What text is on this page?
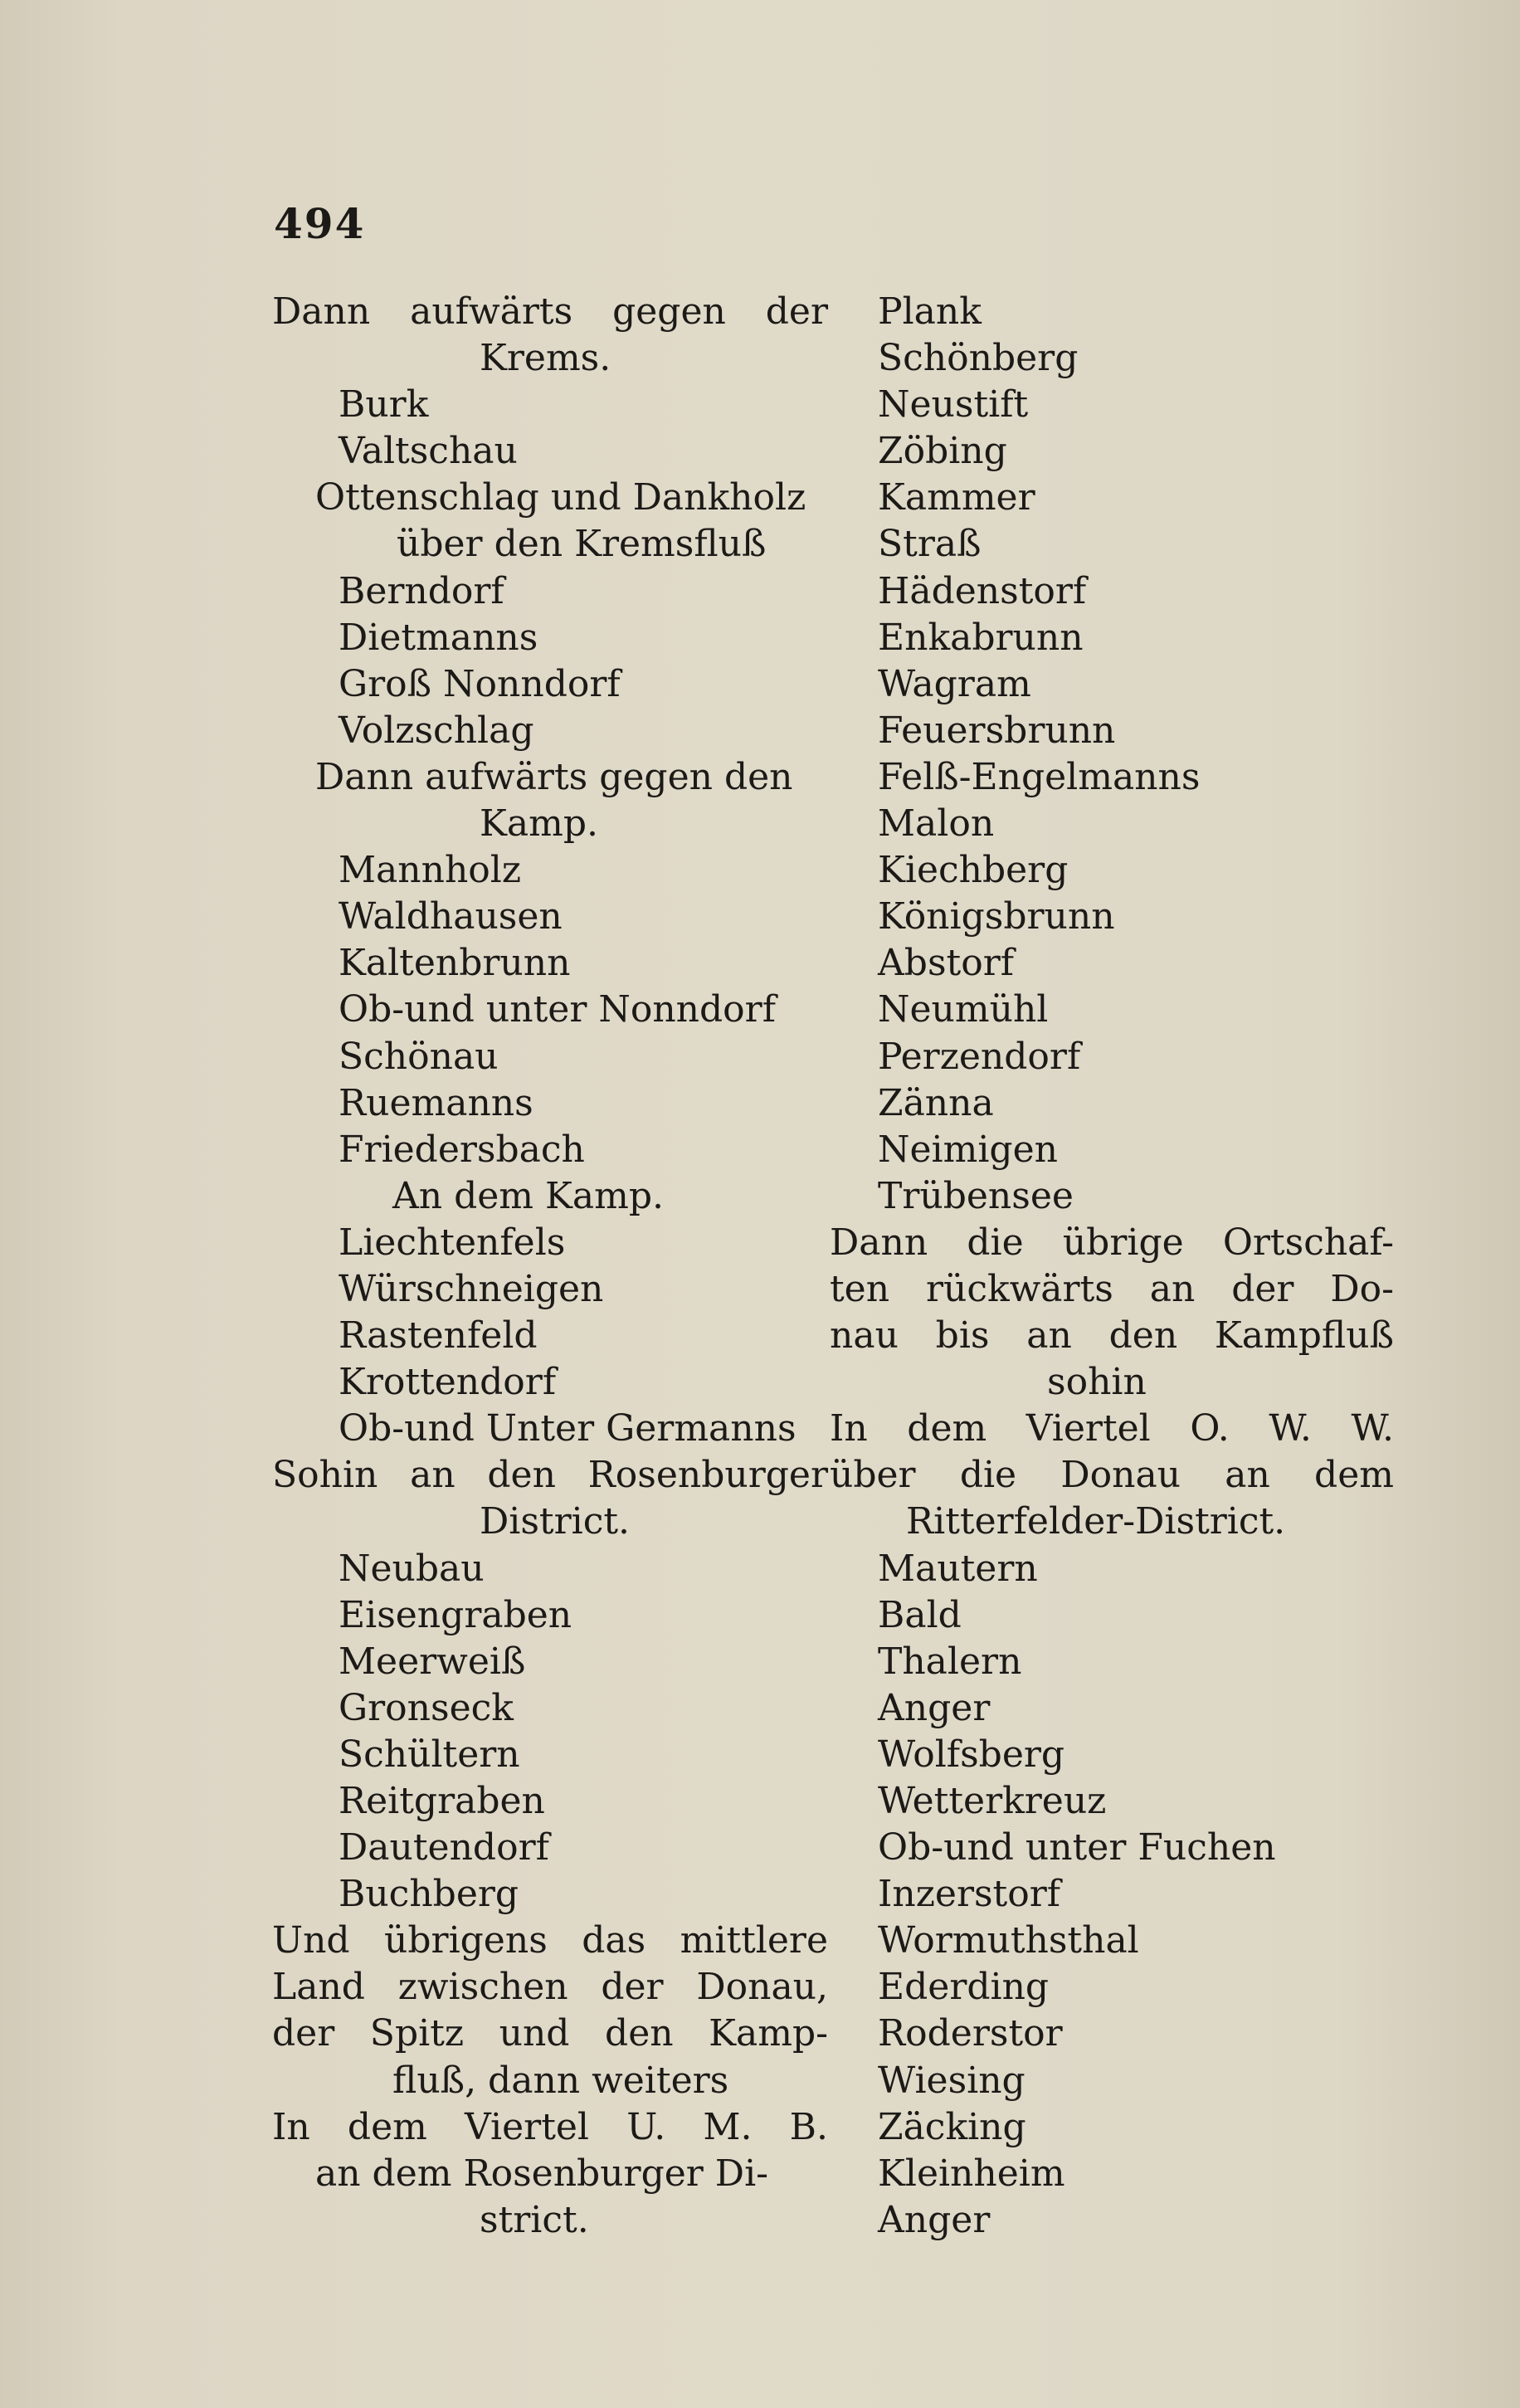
494
Dann aufwärts gegen der
Krems.
Burk
Valtschau
Ottenschlag und Dankholz
über den Kremsfluß
Berndorf
Dietmanns
Groß Nonndorf
Volzschlag
Dann aufwärts gegen den
Kamp.
Mannholz
Waldhausen
Kaltenbrunn
Ob-und unter Nonndorf
Schönau
Ruemanns
Friedersbach
An dem Kamp.
Liechtenfels
Würschneigen
Rastenfeld
Krottendorf
Ob-und Unter Germanns
Sohin an den Rosenburger
District.
Neubau
Eisengraben
Meerweiß
Gronseck
Schültern
Reitgraben
Dautendorf
Buchberg
Und übrigens das mittlere
Land zwischen der Donau,
der Spitz und den Kamp-
fluß, dann weiters
In dem Viertel U. M. B.
an dem Rosenburger Di-
strict.
Plank
Schönberg
Neustift
Zöbing
Kammer
Straß
Hädenstorf
Enkabrunn
Wagram
Feuersbrunn
Felß-Engelmanns
Malon
Kiechberg
Königsbrunn
Abstorf
Neumühl
Perzendorf
Zänna
Neimigen
Trübensee
Dann die übrige Ortschaf-
ten rückwärts an der Do-
nau bis an den Kampfluß
sohin
In dem Viertel O. W. W.
über die Donau an dem
Ritterfelder-District.
Mautern
Bald
Thalern
Anger
Wolfsberg
Wetterkreuz
Ob-und unter Fuchen
Inzerstorf
Wormuthsthal
Ederding
Roderstor
Wiesing
Zäcking
Kleinheim
Anger
